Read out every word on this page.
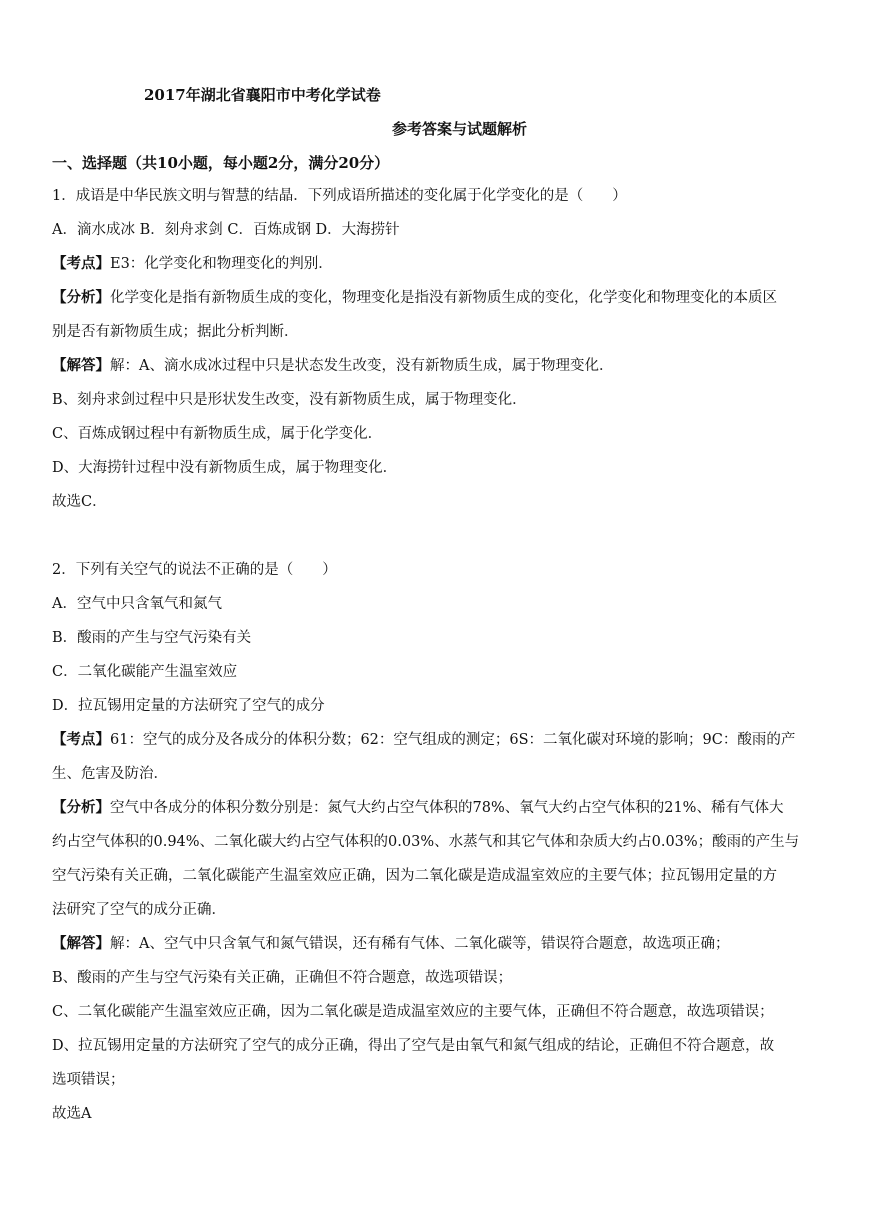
2017年湖北省襄阳市中考化学试卷
参考答案与试题解析
一、选择题（共10小题，每小题2分，满分20分）
1．成语是中华民族文明与智慧的结晶．下列成语所描述的变化属于化学变化的是（　　）
A．滴水成冰 B．刻舟求剑 C．百炼成钢 D．大海捞针
【考点】E3：化学变化和物理变化的判别．
【分析】化学变化是指有新物质生成的变化，物理变化是指没有新物质生成的变化，化学变化和物理变化的本质区
别是否有新物质生成；据此分析判断．
【解答】解：A、滴水成冰过程中只是状态发生改变，没有新物质生成，属于物理变化．
B、刻舟求剑过程中只是形状发生改变，没有新物质生成，属于物理变化．
C、百炼成钢过程中有新物质生成，属于化学变化．
D、大海捞针过程中没有新物质生成，属于物理变化．
故选C．
2．下列有关空气的说法不正确的是（　　）
A．空气中只含氧气和氮气
B．酸雨的产生与空气污染有关
C．二氧化碳能产生温室效应
D．拉瓦锡用定量的方法研究了空气的成分
【考点】61：空气的成分及各成分的体积分数；62：空气组成的测定；6S：二氧化碳对环境的影响；9C：酸雨的产
生、危害及防治．
【分析】空气中各成分的体积分数分别是：氮气大约占空气体积的78%、氧气大约占空气体积的21%、稀有气体大
约占空气体积的0.94%、二氧化碳大约占空气体积的0.03%、水蒸气和其它气体和杂质大约占0.03%；酸雨的产生与
空气污染有关正确，二氧化碳能产生温室效应正确，因为二氧化碳是造成温室效应的主要气体；拉瓦锡用定量的方
法研究了空气的成分正确．
【解答】解：A、空气中只含氧气和氮气错误，还有稀有气体、二氧化碳等，错误符合题意，故选项正确；
B、酸雨的产生与空气污染有关正确，正确但不符合题意，故选项错误；
C、二氧化碳能产生温室效应正确，因为二氧化碳是造成温室效应的主要气体，正确但不符合题意，故选项错误；
D、拉瓦锡用定量的方法研究了空气的成分正确，得出了空气是由氧气和氮气组成的结论，正确但不符合题意，故
选项错误；
故选A
